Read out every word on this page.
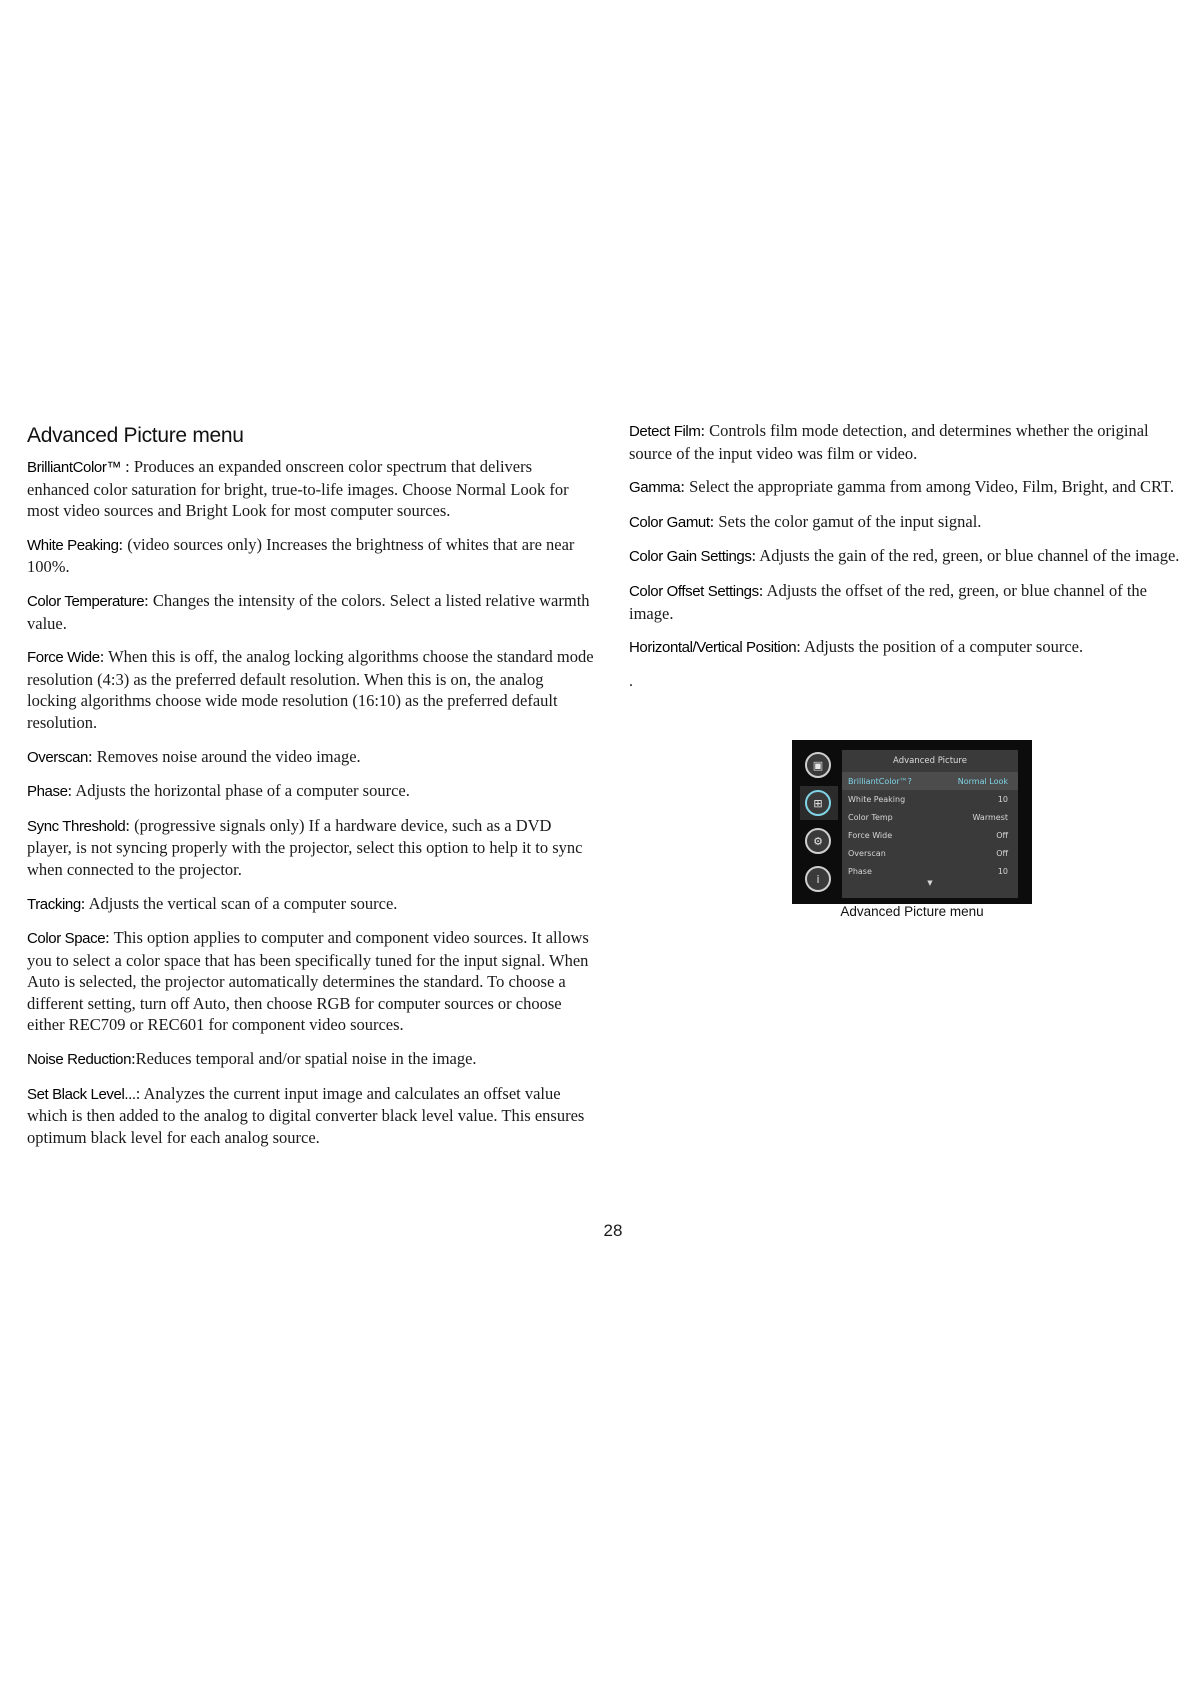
Advanced Picture menu

BrilliantColor™ : Produces an expanded onscreen color spectrum that delivers enhanced color saturation for bright, true-to-life images. Choose Normal Look for most video sources and Bright Look for most computer sources.

White Peaking: (video sources only) Increases the brightness of whites that are near 100%.

Color Temperature: Changes the intensity of the colors. Select a listed relative warmth value.

Force Wide: When this is off, the analog locking algorithms choose the standard mode resolution (4:3) as the preferred default resolution. When this is on, the analog locking algorithms choose wide mode resolution (16:10) as the preferred default resolution.

Overscan: Removes noise around the video image.

Phase: Adjusts the horizontal phase of a computer source.

Sync Threshold: (progressive signals only) If a hardware device, such as a DVD player, is not syncing properly with the projector, select this option to help it to sync when connected to the projector.

Tracking: Adjusts the vertical scan of a computer source.

Color Space: This option applies to computer and component video sources. It allows you to select a color space that has been specifically tuned for the input signal. When Auto is selected, the projector automatically determines the standard. To choose a different setting, turn off Auto, then choose RGB for computer sources or choose either REC709 or REC601 for component video sources.

Noise Reduction:Reduces temporal and/or spatial noise in the image.

Set Black Level...: Analyzes the current input image and calculates an offset value which is then added to the analog to digital converter black level value. This ensures optimum black level for each analog source.

Detect Film: Controls film mode detection, and determines whether the original source of the input video was film or video.

Gamma: Select the appropriate gamma from among Video, Film, Bright, and CRT.

Color Gamut: Sets the color gamut of the input signal.

Color Gain Settings: Adjusts the gain of the red, green, or blue channel of the image.

Color Offset Settings: Adjusts the offset of the red, green, or blue channel of the image.

Horizontal/Vertical Position: Adjusts the position of a computer source.

.

▣
⊞
⚙
i
Advanced Picture
BrilliantColor™?	Normal Look
White Peaking	10
Color Temp	Warmest
Force Wide	Off
Overscan	Off
Phase	10
▼
Advanced Picture menu
28
